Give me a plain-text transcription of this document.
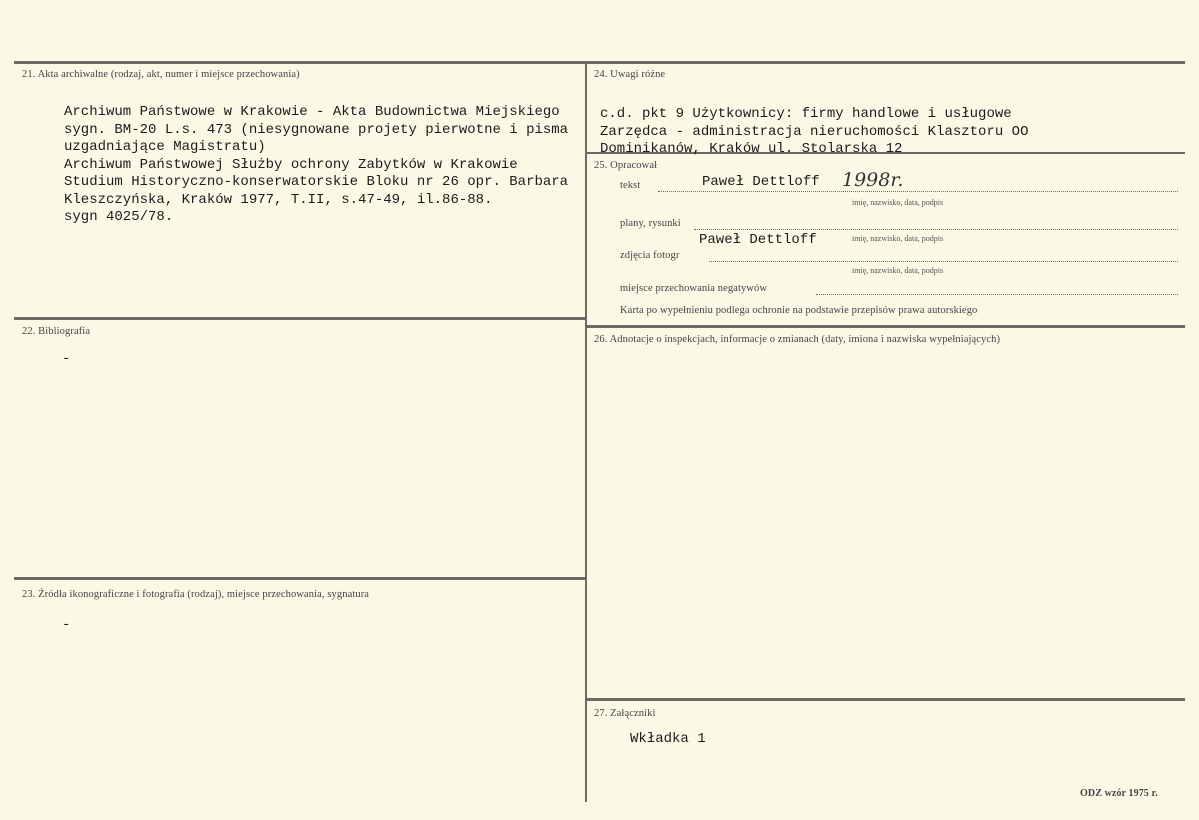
21. Akta archiwalne (rodzaj, akt, numer i miejsce przechowania)
Archiwum Państwowe w Krakowie - Akta Budownictwa Miejskiego
sygn. BM-20 L.s. 473 (niesygnowane projety pierwotne i pisma
uzgadniające Magistratu)
Archiwum Państwowej Służby ochrony Zabytków w Krakowie
Studium Historyczno-konserwatorskie Bloku nr 26 opr. Barbara
Kleszczyńska, Kraków 1977, T.II, s.47-49, il.86-88.
sygn 4025/78.
22. Bibliografia
-
23. Źródła ikonograficzne i fotografia (rodzaj), miejsce przechowania, sygnatura
-
24. Uwagi różne
c.d. pkt 9 Użytkownicy: firmy handlowe i usługowe
Zarzędca - administracja nieruchomości Klasztoru OO
Dominikanów, Kraków ul. Stolarska 12
25. Opracował
tekst	Paweł Dettloff 1998r.
imię, nazwisko, data, podpis
plany, rysunki
Paweł Dettloff	imię, nazwisko, data, podpis
zdjęcia fotogr
imię, nazwisko, data, podpis
miejsce przechowania negatywów
Karta po wypełnieniu podlega ochronie na podstawie przepisów prawa autorskiego
26. Adnotacje o inspekcjach, informacje o zmianach (daty, imiona i nazwiska wypełniających)
27. Załączniki
Wkładka 1
ODZ wzór 1975 r.
